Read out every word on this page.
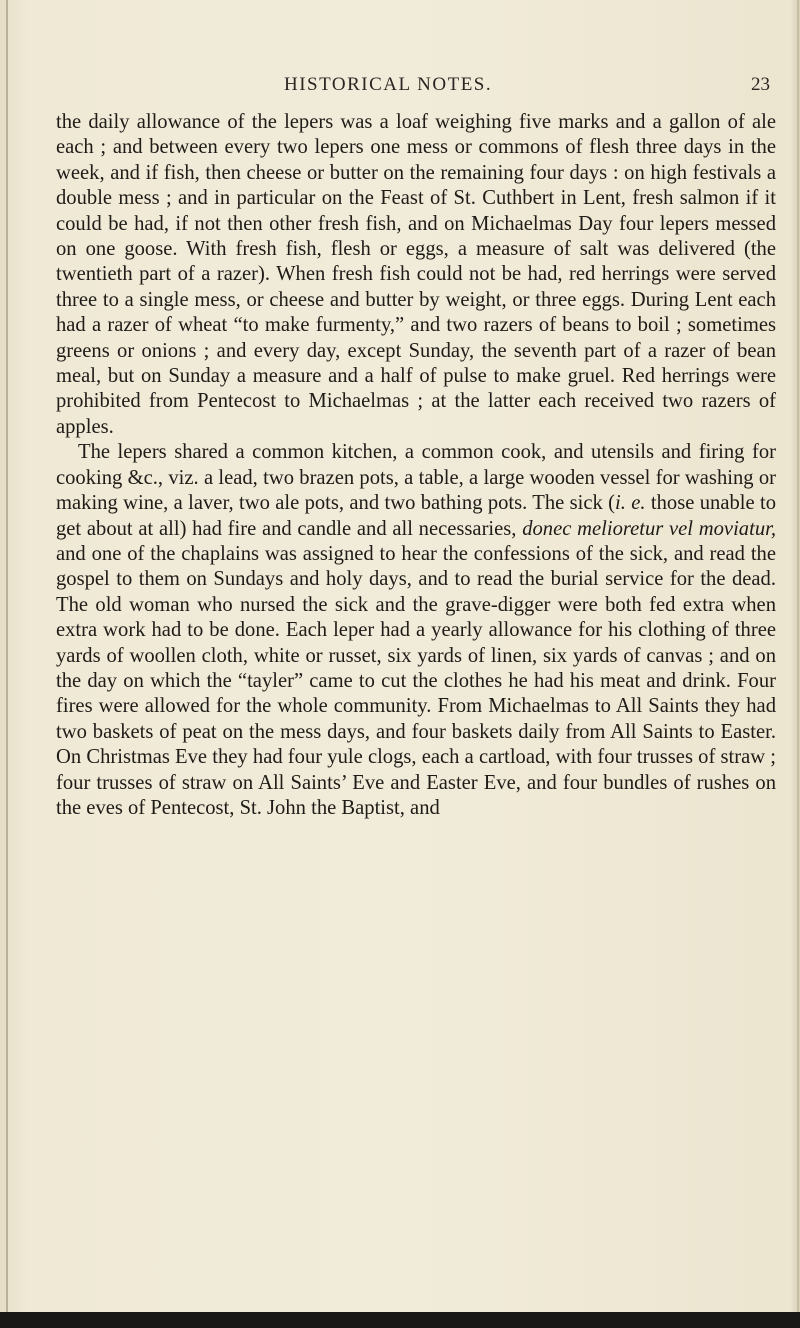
HISTORICAL NOTES.	23

the daily allowance of the lepers was a loaf weighing five marks and a gallon of ale each ; and between every two lepers one mess or commons of flesh three days in the week, and if fish, then cheese or butter on the remaining four days : on high festivals a double mess ; and in particular on the Feast of St. Cuthbert in Lent, fresh salmon if it could be had, if not then other fresh fish, and on Michaelmas Day four lepers messed on one goose. With fresh fish, flesh or eggs, a measure of salt was delivered (the twentieth part of a razer). When fresh fish could not be had, red herrings were served three to a single mess, or cheese and butter by weight, or three eggs. During Lent each had a razer of wheat “to make furmenty,” and two razers of beans to boil ; sometimes greens or onions ; and every day, except Sunday, the seventh part of a razer of bean meal, but on Sunday a measure and a half of pulse to make gruel. Red herrings were prohibited from Pentecost to Michaelmas ; at the latter each received two razers of apples.

The lepers shared a common kitchen, a common cook, and utensils and firing for cooking &c., viz. a lead, two brazen pots, a table, a large wooden vessel for washing or making wine, a laver, two ale pots, and two bathing pots. The sick (i. e. those unable to get about at all) had fire and candle and all necessaries, donec melioretur vel moviatur, and one of the chaplains was assigned to hear the confessions of the sick, and read the gospel to them on Sundays and holy days, and to read the burial service for the dead. The old woman who nursed the sick and the grave-digger were both fed extra when extra work had to be done. Each leper had a yearly allowance for his clothing of three yards of woollen cloth, white or russet, six yards of linen, six yards of canvas ; and on the day on which the “tayler” came to cut the clothes he had his meat and drink. Four fires were allowed for the whole community. From Michaelmas to All Saints they had two baskets of peat on the mess days, and four baskets daily from All Saints to Easter. On Christmas Eve they had four yule clogs, each a cartload, with four trusses of straw ; four trusses of straw on All Saints’ Eve and Easter Eve, and four bundles of rushes on the eves of Pentecost, St. John the Baptist, and
